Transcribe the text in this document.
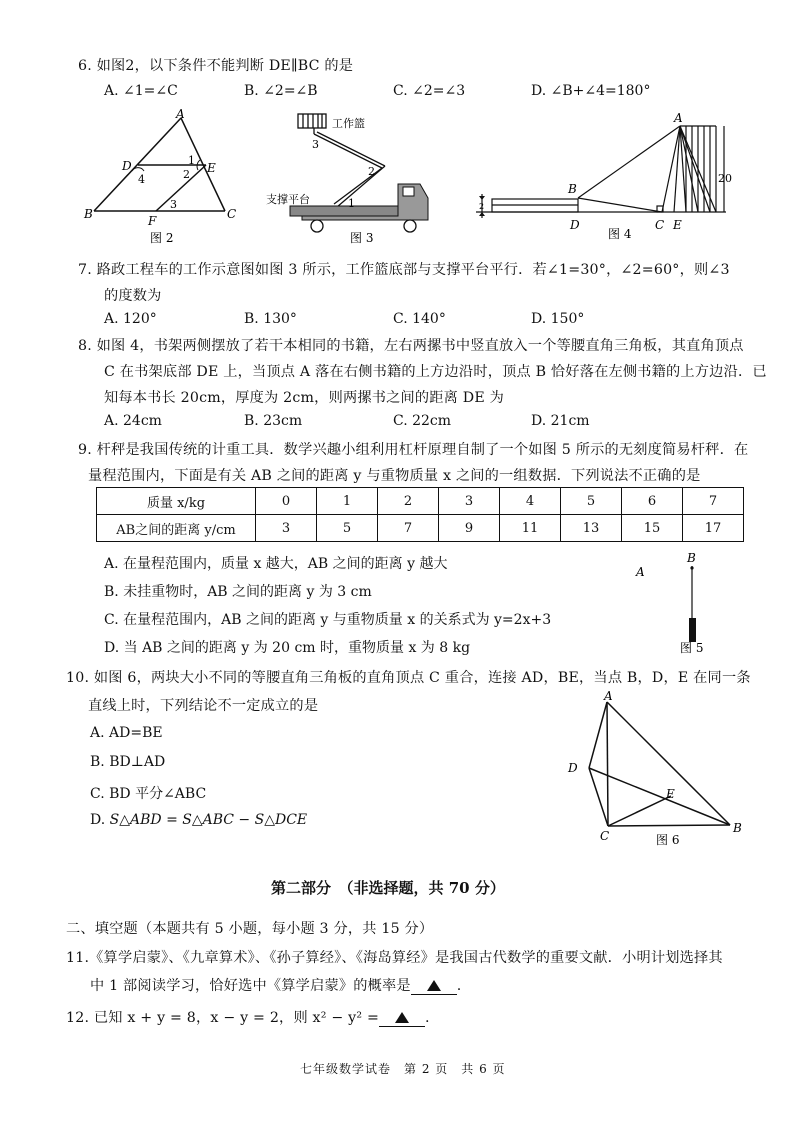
6. 如图2，以下条件不能判断 DE∥BC 的是
A. ∠1=∠C	B. ∠2=∠B	C. ∠2=∠3	D. ∠B+∠4=180°
A
D	E
B	C
F
1
2
3
4
图 2
工作篮
支撑平台	1
2
3
图 3
A
B
C
D	E
20
2
图 4
7. 路政工程车的工作示意图如图 3 所示，工作篮底部与支撑平台平行．若∠1=30°，∠2=60°，则∠3
的度数为
A. 120°	B. 130°	C. 140°	D. 150°
8. 如图 4，书架两侧摆放了若干本相同的书籍，左右两摞书中竖直放入一个等腰直角三角板，其直角顶点
C 在书架底部 DE 上，当顶点 A 落在右侧书籍的上方边沿时，顶点 B 恰好落在左侧书籍的上方边沿．已
知每本书长 20cm，厚度为 2cm，则两摞书之间的距离 DE 为
A. 24cm	B. 23cm	C. 22cm	D. 21cm
9. 杆秤是我国传统的计重工具．数学兴趣小组利用杠杆原理自制了一个如图 5 所示的无刻度简易杆秤．在
量程范围内，下面是有关 AB 之间的距离 y 与重物质量 x 之间的一组数据．下列说法不正确的是
质量 x/kg	0	1	2	3	4	5	6	7
AB之间的距离 y/cm	3	5	7	9	11	13	15	17
A. 在量程范围内，质量 x 越大，AB 之间的距离 y 越大
B. 未挂重物时，AB 之间的距离 y 为 3 cm
C. 在量程范围内，AB 之间的距离 y 与重物质量 x 的关系式为 y=2x+3
D. 当 AB 之间的距离 y 为 20 cm 时，重物质量 x 为 8 kg
A
B
图 5
10. 如图 6，两块大小不同的等腰直角三角板的直角顶点 C 重合，连接 AD，BE，当点 B，D，E 在同一条
直线上时，下列结论不一定成立的是
A. AD=BE
B. BD⊥AD
C. BD 平分∠ABC
D. S△ABD = S△ABC − S△DCE
A
B
C
D
E
图 6
第二部分　（非选择题，共 70 分）
二、填空题（本题共有 5 小题，每小题 3 分，共 15 分）
11.《算学启蒙》、《九章算术》、《孙子算经》、《海岛算经》是我国古代数学的重要文献．小明计划选择其
中 1 部阅读学习，恰好选中《算学启蒙》的概率是	.
12. 已知 x + y = 8，x − y = 2，则 x² − y² =	.
七年级数学试卷　第 2 页　共 6 页
